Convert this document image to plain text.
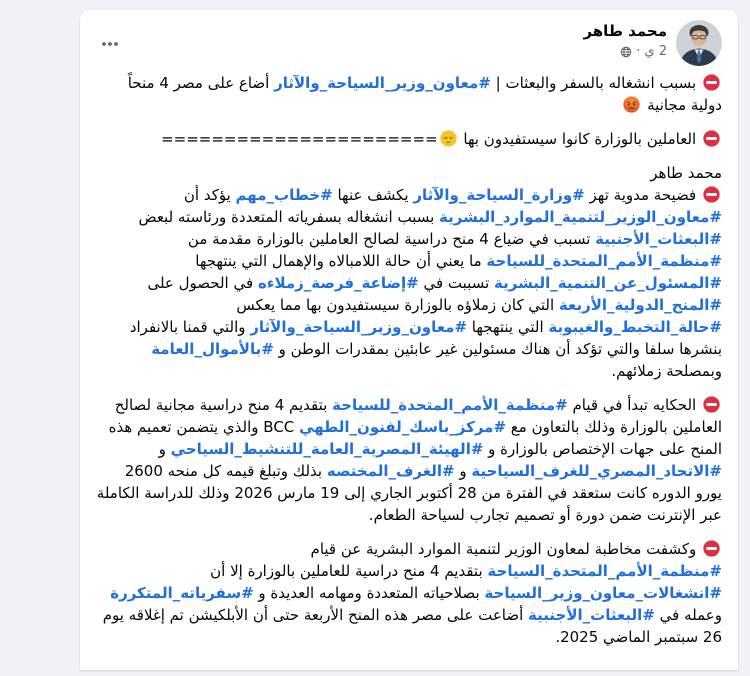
محمد طاهر
2 ي
·
بسبب انشغاله بالسفر والبعثات | #معاون_وزير_السياحة_والآثار أضاع على مصر 4 منحاً دولية مجانية
العاملين بالوزارة كانوا سيستفيدون بها
======================
محمد طاهر
فضيحة مدوية تهز #وزارة_السياحة_والآثار يكشف عنها #خطاب_مهم يؤكد أن #معاون_الوزير_لتنمية_الموارد_البشرية بسبب انشغاله بسفرياته المتعددة ورئاسته لبعض #البعثات_الأجنبية تسبب في ضياع 4 منح دراسية لصالح العاملين بالوزارة مقدمة من #منظمة_الأمم_المتحدة_للسياحة ما يعني أن حالة اللامبالاه والإهمال التي ينتهجها #المسئول_عن_التنمية_البشرية تسببت في #إضاعة_فرصة_زملاءه في الحصول على #المنح_الدولية_الأربعة التي كان زملاؤه بالوزارة سيستفيدون بها مما يعكس #حالة_التخبط_والغيبوبة التي ينتهجها #معاون_وزير_السياحة_والآثار والتي قمنا بالانفراد بنشرها سلفا والتي تؤكد أن هناك مسئولين غير عابئين بمقدرات الوطن و #بالأموال_العامة وبمصلحة زملائهم.
الحكايه تبدأ في قيام #منظمة_الأمم_المتحدة_للسياحة بتقديم 4 منح دراسية مجانية لصالح العاملين بالوزارة وذلك بالتعاون مع #مركز_باسك_لفنون_الطهي BCC والذي يتضمن تعميم هذه المنح على جهات الإختصاص بالوزارة و #الهيئة_المصرية_العامة_للتنشيط_السياحي و #الاتحاد_المصري_للغرف_السياحية و #الغرف_المختصه بذلك وتبلغ قيمه كل منحه 2600 يورو الدوره كانت ستعقد في الفترة من 28 أكتوبر الجاري إلى 19 مارس 2026 وذلك للدراسة الكاملة عبر الإنترنت ضمن دورة أو تصميم تجارب لسياحة الطعام.
وكشفت مخاطبة لمعاون الوزير لتنمية الموارد البشرية عن قيام #منظمة_الأمم_المتحدة_السياحة بتقديم 4 منح دراسية للعاملين بالوزارة إلا أن #انشغالات_معاون_وزير_السياحة بصلاحياته المتعددة ومهامه العديدة و #سفرياته_المتكررة وعمله في #البعثات_الأجنبية أضاعت على مصر هذه المنح الأربعة حتى أن الأبلكيشن تم إغلاقه يوم 26 سبتمبر الماضي 2025.
